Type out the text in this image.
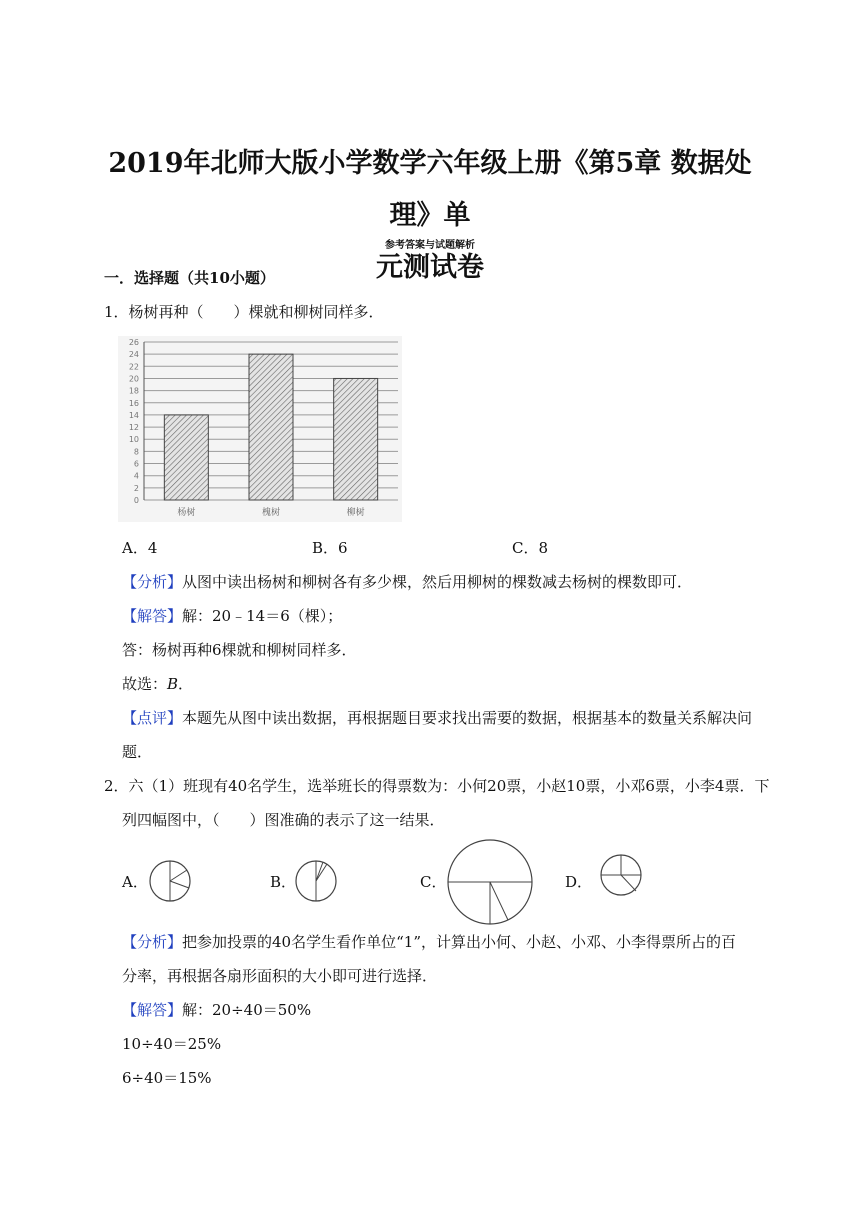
2019年北师大版小学数学六年级上册《第5章 数据处理》单
元测试卷
参考答案与试题解析
一．选择题（共10小题）
1．杨树再种（　　）棵就和柳树同样多．
0
2
4
6
8
10
12
14
16
18
20
22
24
26
杨树	槐树	柳树
A．4	B．6	C．8
【分析】从图中读出杨树和柳树各有多少棵，然后用柳树的棵数减去杨树的棵数即可．
【解答】解：20﹣14＝6（棵）；
答：杨树再种6棵就和柳树同样多．
故选：B．
【点评】本题先从图中读出数据，再根据题目要求找出需要的数据，根据基本的数量关系解决问
题．
2．六（1）班现有40名学生，选举班长的得票数为：小何20票，小赵10票，小邓6票，小李4票．下
列四幅图中，（　　）图准确的表示了这一结果．
A．	B．	C．	D．
【分析】把参加投票的40名学生看作单位“1”，计算出小何、小赵、小邓、小李得票所占的百
分率，再根据各扇形面积的大小即可进行选择．
【解答】解：20÷40＝50%
10÷40＝25%
6÷40＝15%
